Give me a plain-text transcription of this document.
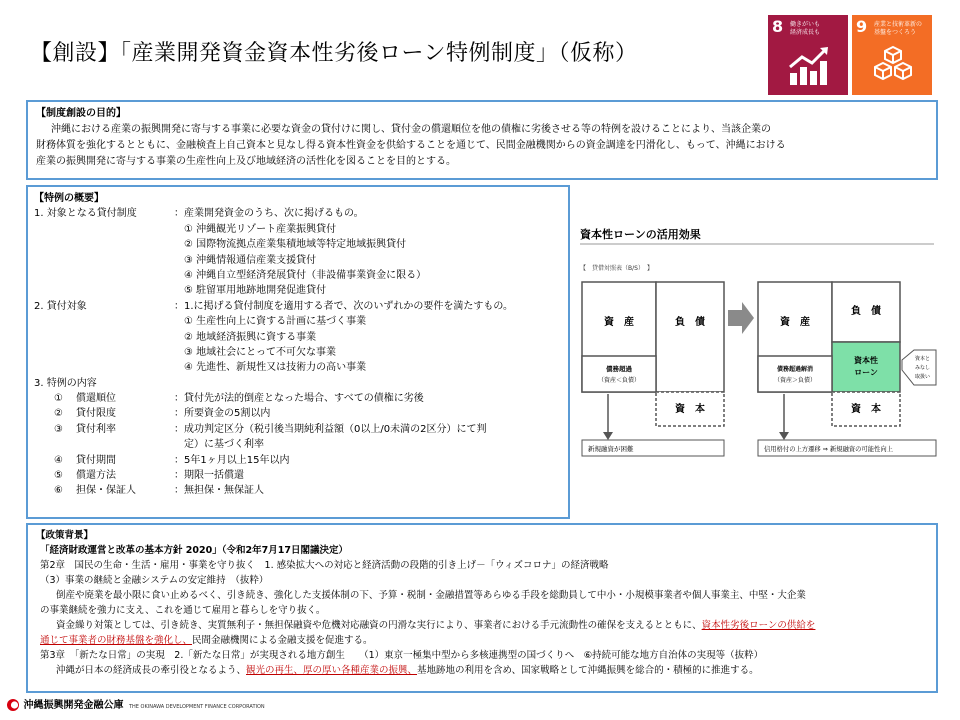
【創設】「産業開発資金資本性劣後ローン特例制度」（仮称）
8 働きがいも
経済成長も 9 産業と技術革新の
基盤をつくろう
【制度創設の目的】
沖縄における産業の振興開発に寄与する事業に必要な資金の貸付けに関し、貸付金の償還順位を他の債権に劣後させる等の特例を設けることにより、当該企業の
財務体質を強化するとともに、金融検査上自己資本と見なし得る資本性資金を供給することを通じて、民間金融機関からの資金調達を円滑化し、もって、沖縄における
産業の振興開発に寄与する事業の生産性向上及び地域経済の活性化を図ることを目的とする。
【特例の概要】
1. 対象となる貸付制度	： 産業開発資金のうち、次に掲げるもの。
① 沖縄観光リゾート産業振興貸付
② 国際物流拠点産業集積地域等特定地域振興貸付
③ 沖縄情報通信産業支援貸付
④ 沖縄自立型経済発展貸付（非設備事業資金に限る）
⑤ 駐留軍用地跡地開発促進貸付
2. 貸付対象	： 1.に掲げる貸付制度を適用する者で、次のいずれかの要件を満たすもの。
① 生産性向上に資する計画に基づく事業
② 地域経済振興に資する事業
③ 地域社会にとって不可欠な事業
④ 先進性、新規性又は技術力の高い事業
3. 特例の内容
① 償還順位	： 貸付先が法的倒産となった場合、すべての債権に劣後
② 貸付限度	： 所要資金の5割以内
③ 貸付利率	： 成功判定区分（税引後当期純利益額（0以上/0未満の2区分）にて判
定）に基づく利率
④ 貸付期間	： 5年1ヶ月以上15年以内
⑤ 償還方法	： 期限一括償還
⑥ 担保・保証人	： 無担保・無保証人
資本性ローンの活用効果
【　貸借対照表（B/S）　】
資　産	負　債
債務超過
（資産＜負債）
資　本
新規融資が困難
資　産
負　債
資本性
ローン
債務超過解消
（資産＞負債）
資　本
資本と
みなし
取扱い
信用格付の上方遷移 ⇒ 新規融資の可能性向上
【政策背景】
「経済財政運営と改革の基本方針 2020」（令和2年7月17日閣議決定）
第2章　国民の生命・生活・雇用・事業を守り抜く　1. 感染拡大への対応と経済活動の段階的引き上げ－「ウィズコロナ」の経済戦略
（3）事業の継続と金融システムの安定維持　（抜粋）
倒産や廃業を最小限に食い止めるべく、引き続き、強化した支援体制の下、予算・税制・金融措置等あらゆる手段を総動員して中小・小規模事業者や個人事業主、中堅・大企業
の事業継続を強力に支え、これを通じて雇用と暮らしを守り抜く。
資金繰り対策としては、引き続き、実質無利子・無担保融資や危機対応融資の円滑な実行により、事業者における手元流動性の確保を支えるとともに、資本性劣後ローンの供給を
通じて事業者の財務基盤を強化し、民間金融機関による金融支援を促進する。
第3章　「新たな日常」の実現　2.「新たな日常」が実現される地方創生　　（1）東京一極集中型から多核連携型の国づくりへ　⑥持続可能な地方自治体の実現等（抜粋）
沖縄が日本の経済成長の牽引役となるよう、観光の再生、厚の厚い各種産業の振興、基地跡地の利用を含め、国家戦略として沖縄振興を総合的・積極的に推進する。
沖縄振興開発金融公庫 THE OKINAWA DEVELOPMENT FINANCE CORPORATION
